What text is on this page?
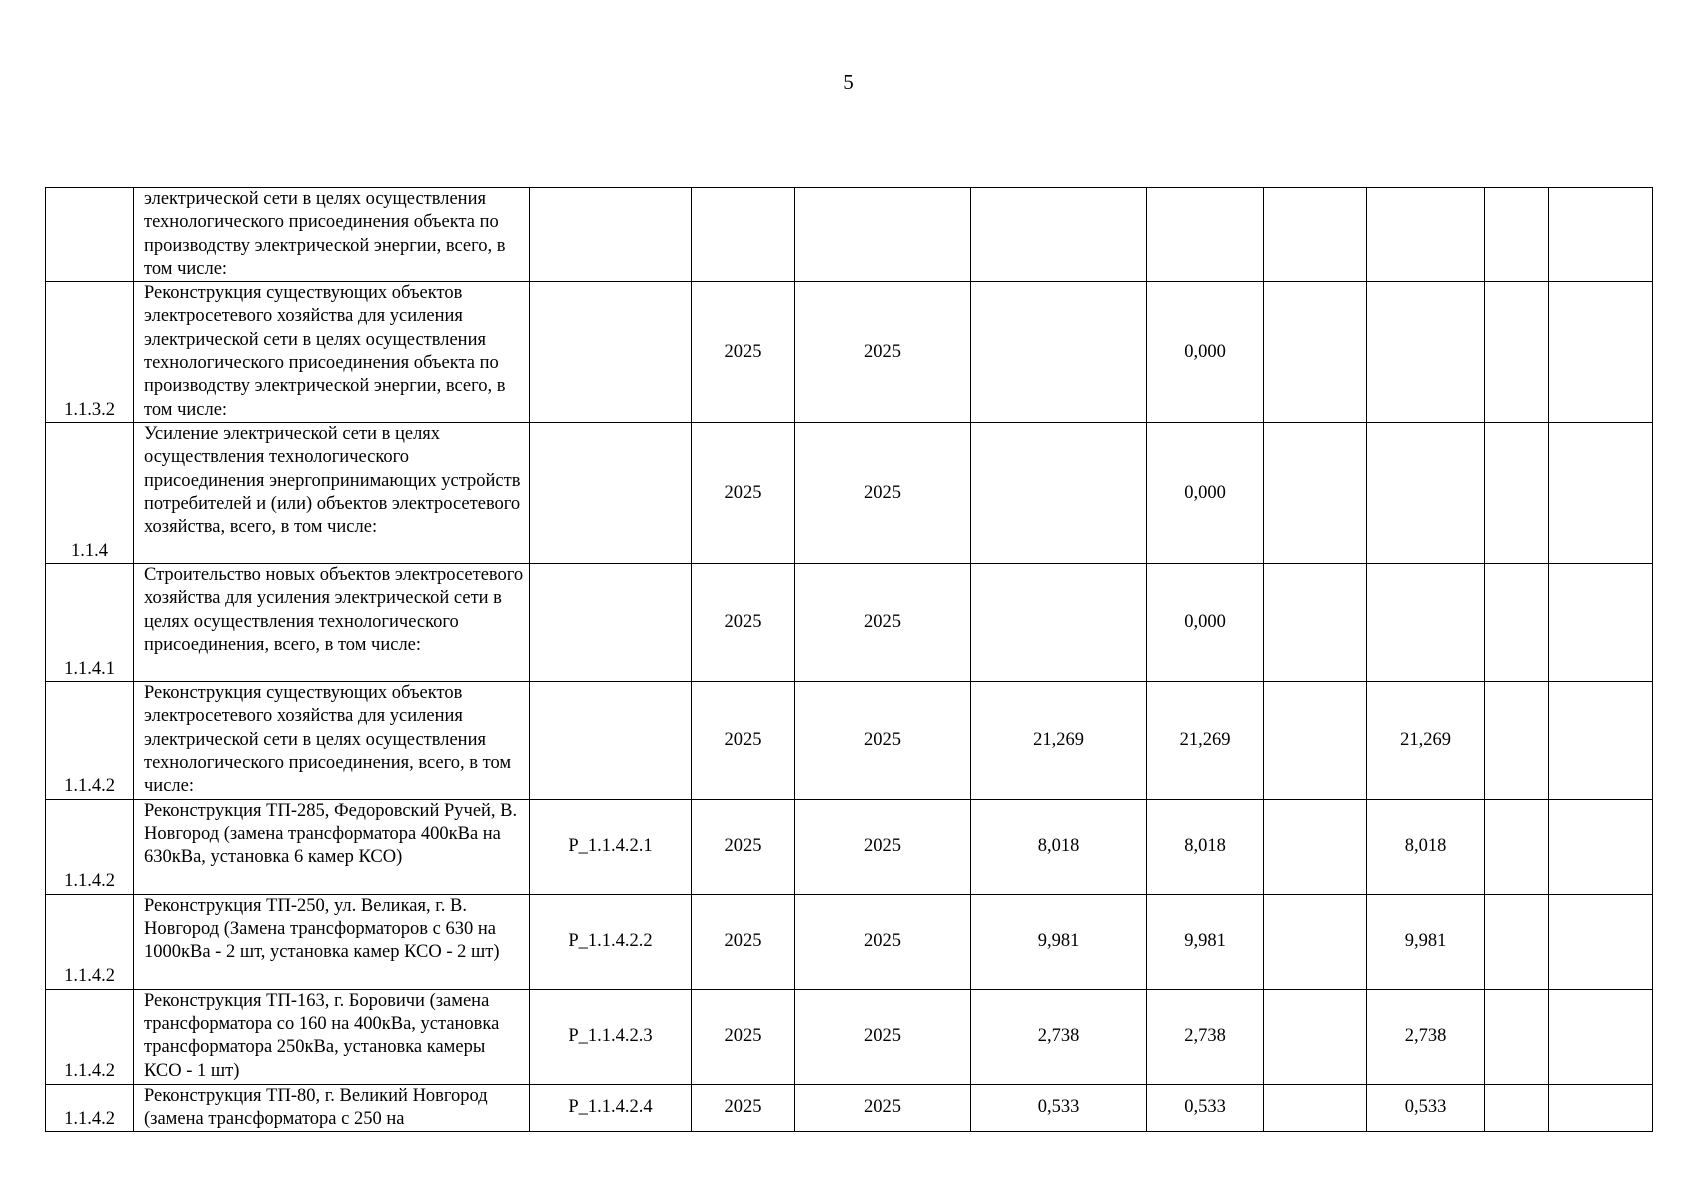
5
	электрической сети в целях осуществления технологического присоединения объекта по производству электрической энергии, всего, в том числе:									
1.1.3.2	Реконструкция существующих объектов электросетевого хозяйства для усиления электрической сети в целях осуществления технологического присоединения объекта по производству электрической энергии, всего, в том числе:		2025	2025		0,000				
1.1.4	Усиление электрической сети в целях осуществления технологического присоединения энергопринимающих устройств потребителей и (или) объектов электросетевого хозяйства, всего, в том числе:		2025	2025		0,000				
1.1.4.1	Строительство новых объектов электросетевого хозяйства для усиления электрической сети в целях осуществления технологического присоединения, всего, в том числе:		2025	2025		0,000				
1.1.4.2	Реконструкция существующих объектов электросетевого хозяйства для усиления электрической сети в целях осуществления технологического присоединения, всего, в том числе:		2025	2025	21,269	21,269		21,269		
1.1.4.2	Реконструкция ТП-285, Федоровский Ручей, В. Новгород (замена трансформатора 400кВа на 630кВа, установка 6 камер КСО)	P_1.1.4.2.1	2025	2025	8,018	8,018		8,018		
1.1.4.2	Реконструкция ТП-250, ул. Великая, г. В. Новгород (Замена трансформаторов с 630 на 1000кВа - 2 шт, установка камер КСО - 2 шт)	P_1.1.4.2.2	2025	2025	9,981	9,981		9,981		
1.1.4.2	Реконструкция ТП-163, г. Боровичи (замена трансформатора со 160 на 400кВа, установка трансформатора 250кВа, установка камеры КСО - 1 шт)	P_1.1.4.2.3	2025	2025	2,738	2,738		2,738		
1.1.4.2	Реконструкция ТП-80, г. Великий Новгород (замена трансформатора с 250 на	P_1.1.4.2.4	2025	2025	0,533	0,533		0,533		
